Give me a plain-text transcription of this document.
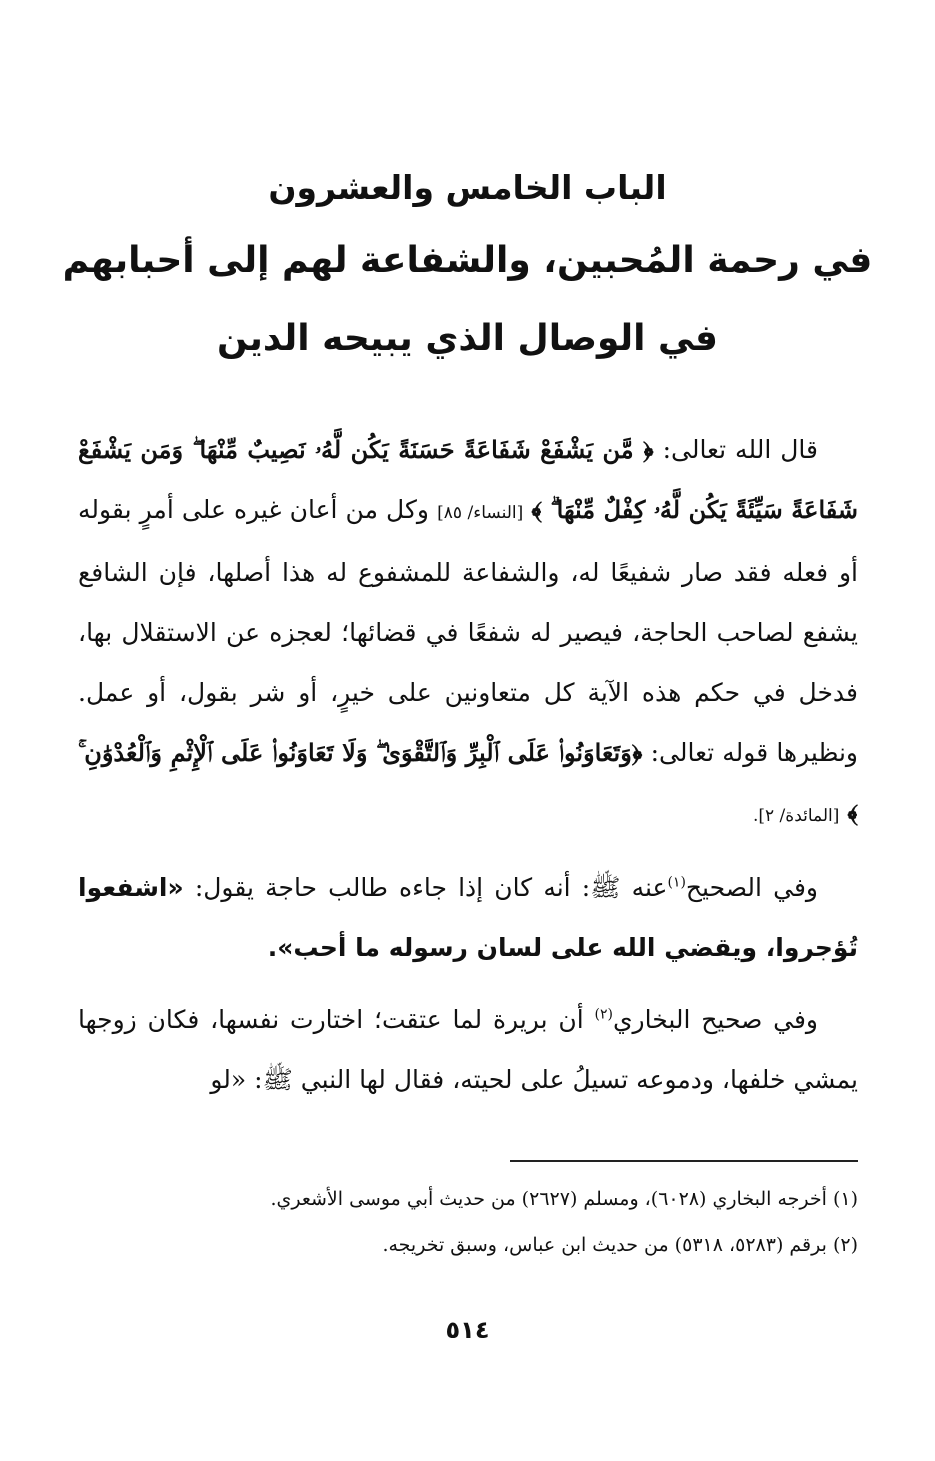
الباب الخامس والعشرون
في رحمة المُحبين، والشفاعة لهم إلى أحبابهم
في الوصال الذي يبيحه الدين

قال الله تعالى: ﴿ مَّن يَشْفَعْ شَفَاعَةً حَسَنَةً يَكُن لَّهُۥ نَصِيبٌ مِّنْهَا ۖ وَمَن يَشْفَعْ شَفَاعَةً سَيِّئَةً يَكُن لَّهُۥ كِفْلٌ مِّنْهَا ۗ ﴾ [النساء/ ٨٥] وكل من أعان غيره على أمرٍ بقوله أو فعله فقد صار شفيعًا له، والشفاعة للمشفوع له هذا أصلها، فإن الشافع يشفع لصاحب الحاجة، فيصير له شفعًا في قضائها؛ لعجزه عن الاستقلال بها، فدخل في حكم هذه الآية كل متعاونين على خيرٍ، أو شر بقول، أو عمل. ونظيرها قوله تعالى: ﴿وَتَعَاوَنُوا۟ عَلَى ٱلْبِرِّ وَٱلتَّقْوَىٰ ۖ وَلَا تَعَاوَنُوا۟ عَلَى ٱلْإِثْمِ وَٱلْعُدْوَٰنِ ۚ ﴾ [المائدة/ ٢].

وفي الصحيح$^{(١)}$عنه ﷺ: أنه كان إذا جاءه طالب حاجة يقول: «اشفعوا تُؤجروا، ويقضي الله على لسان رسوله ما أحب».

وفي صحيح البخاري$^{(٢)}$ أن بريرة لما عتقت؛ اختارت نفسها، فكان زوجها يمشي خلفها، ودموعه تسيلُ على لحيته، فقال لها النبي ﷺ: «لو

(١) أخرجه البخاري (٦٠٢٨)، ومسلم (٢٦٢٧) من حديث أبي موسى الأشعري.
(٢) برقم (٥٢٨٣، ٥٣١٨) من حديث ابن عباس، وسبق تخريجه.
٥١٤
